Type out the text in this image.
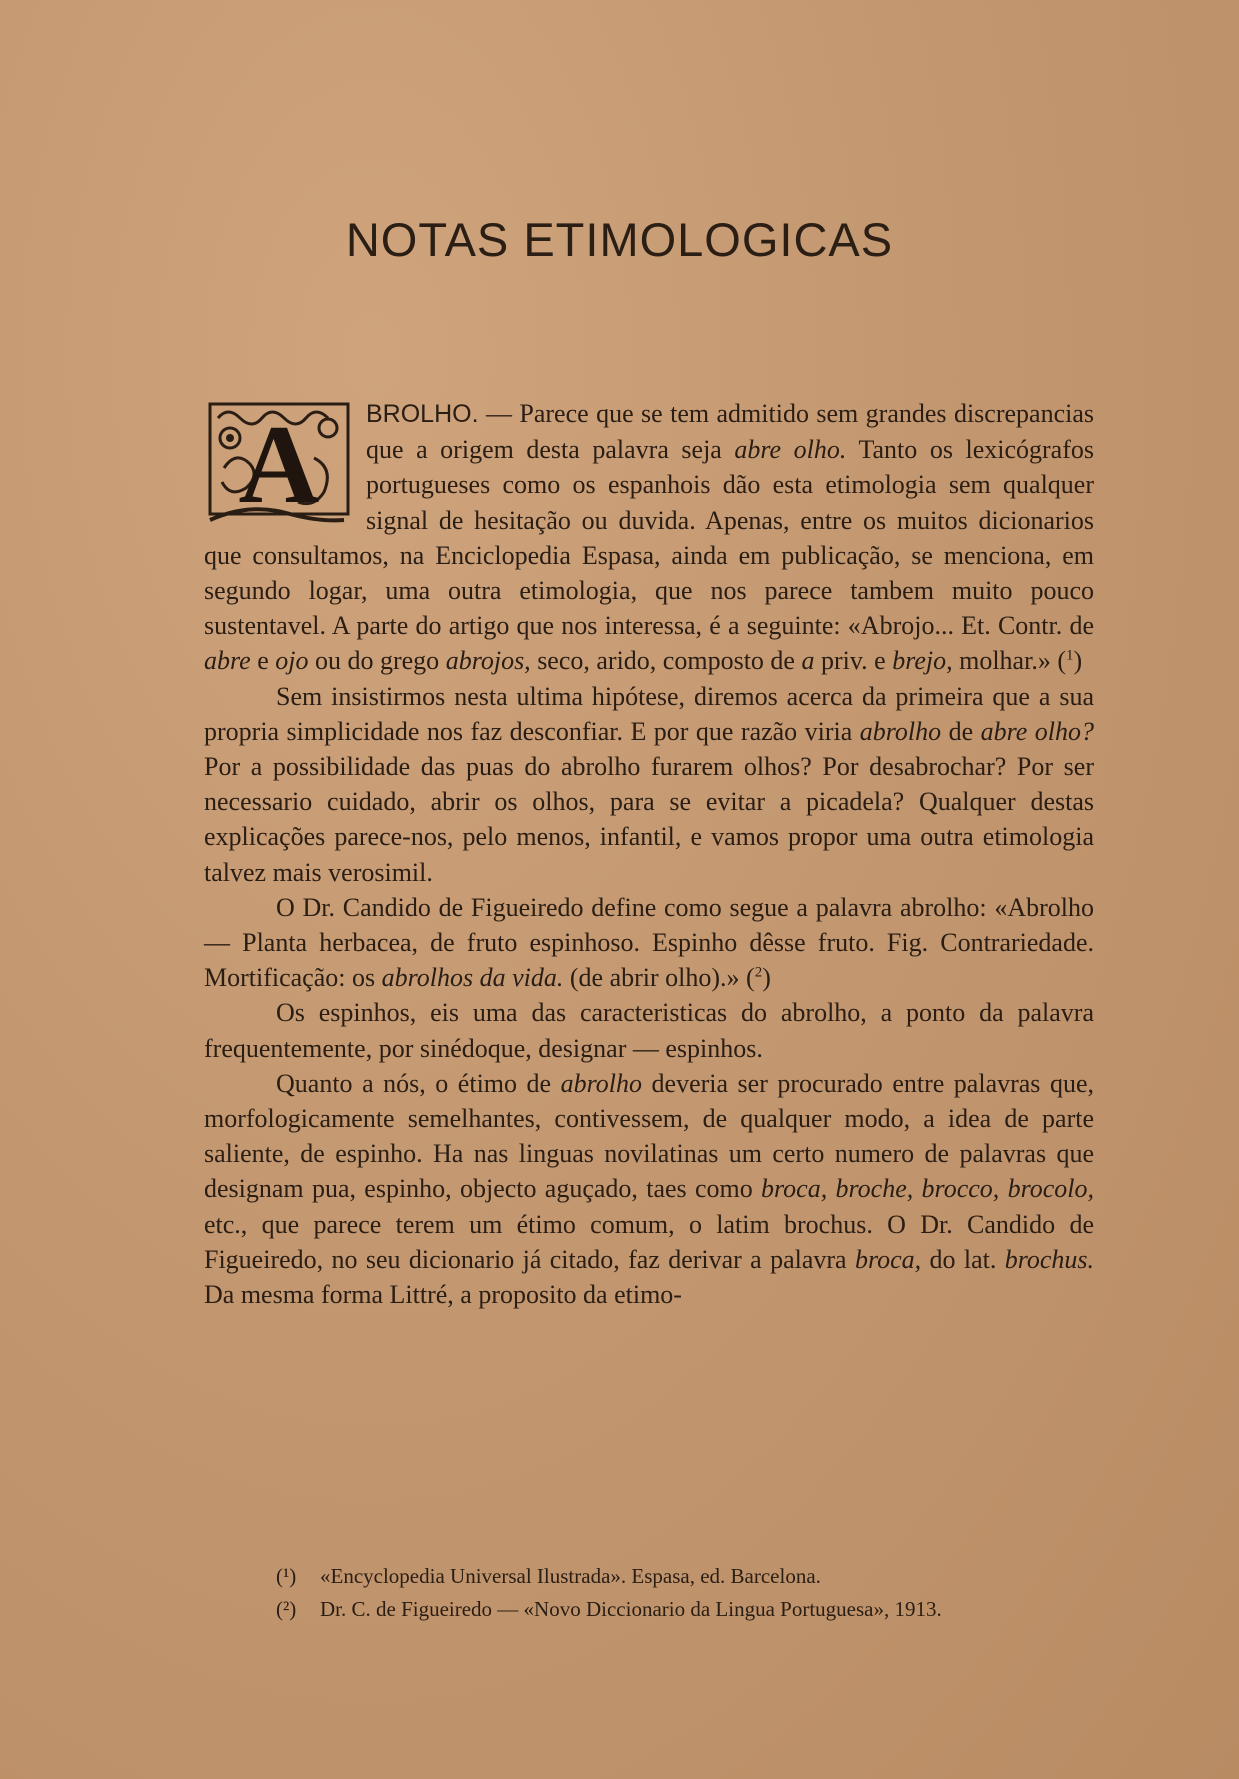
NOTAS ETIMOLOGICAS

A BROLHO. — Parece que se tem admitido sem grandes discrepancias que a origem desta palavra seja abre olho. Tanto os lexicógrafos portugueses como os espanhois dão esta etimologia sem qualquer signal de hesitação ou duvida. Apenas, entre os muitos dicionarios que consultamos, na Enciclopedia Espasa, ainda em publicação, se menciona, em segundo logar, uma outra etimologia, que nos parece tambem muito pouco sustentavel. A parte do artigo que nos interessa, é a seguinte: «Abrojo... Et. Contr. de abre e ojo ou do grego abrojos, seco, arido, composto de a priv. e brejo, molhar.» ($^1$)

Sem insistirmos nesta ultima hipótese, diremos acerca da primeira que a sua propria simplicidade nos faz desconfiar. E por que razão viria abrolho de abre olho? Por a possibilidade das puas do abrolho furarem olhos? Por desabrochar? Por ser necessario cuidado, abrir os olhos, para se evitar a picadela? Qualquer destas explicações parece-nos, pelo menos, infantil, e vamos propor uma outra etimologia talvez mais verosimil.

O Dr. Candido de Figueiredo define como segue a palavra abrolho: «Abrolho — Planta herbacea, de fruto espinhoso. Espinho dêsse fruto. Fig. Contrariedade. Mortificação: os abrolhos da vida. (de abrir olho).» ($^2$)

Os espinhos, eis uma das caracteristicas do abrolho, a ponto da palavra frequentemente, por sinédoque, designar — espinhos.

Quanto a nós, o étimo de abrolho deveria ser procurado entre palavras que, morfologicamente semelhantes, contivessem, de qualquer modo, a idea de parte saliente, de espinho. Ha nas linguas novilatinas um certo numero de palavras que designam pua, espinho, objecto aguçado, taes como broca, broche, brocco, brocolo, etc., que parece terem um étimo comum, o latim brochus. O Dr. Candido de Figueiredo, no seu dicionario já citado, faz derivar a palavra broca, do lat. brochus. Da mesma forma Littré, a proposito da etimo-

(¹) «Encyclopedia Universal Ilustrada». Espasa, ed. Barcelona.
(²) Dr. C. de Figueiredo — «Novo Diccionario da Lingua Portuguesa», 1913.
